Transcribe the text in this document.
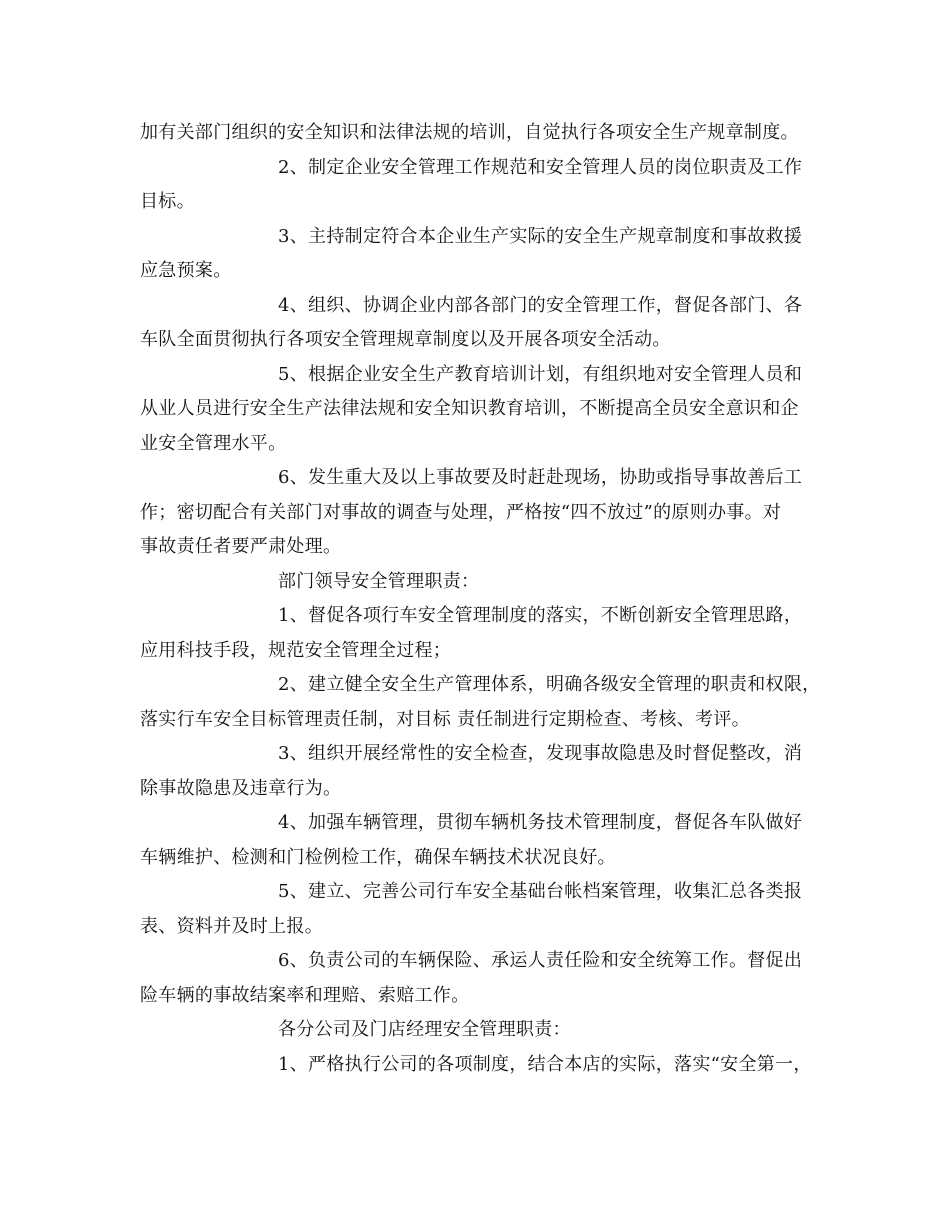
加有关部门组织的安全知识和法律法规的培训，自觉执行各项安全生产规章制度。
2、制定企业安全管理工作规范和安全管理人员的岗位职责及工作
目标。
3、主持制定符合本企业生产实际的安全生产规章制度和事故救援
应急预案。
4、组织、协调企业内部各部门的安全管理工作，督促各部门、各
车队全面贯彻执行各项安全管理规章制度以及开展各项安全活动。
5、根据企业安全生产教育培训计划，有组织地对安全管理人员和
从业人员进行安全生产法律法规和安全知识教育培训，不断提高全员安全意识和企
业安全管理水平。
6、发生重大及以上事故要及时赶赴现场，协助或指导事故善后工
作；密切配合有关部门对事故的调查与处理，严格按“四不放过”的原则办事。对
事故责任者要严肃处理。
部门领导安全管理职责：
1、督促各项行车安全管理制度的落实，不断创新安全管理思路，
应用科技手段，规范安全管理全过程；
2、建立健全安全生产管理体系，明确各级安全管理的职责和权限，
落实行车安全目标管理责任制，对目标 责任制进行定期检查、考核、考评。
3、组织开展经常性的安全检查，发现事故隐患及时督促整改，消
除事故隐患及违章行为。
4、加强车辆管理，贯彻车辆机务技术管理制度，督促各车队做好
车辆维护、检测和门检例检工作，确保车辆技术状况良好。
5、建立、完善公司行车安全基础台帐档案管理，收集汇总各类报
表、资料并及时上报。
6、负责公司的车辆保险、承运人责任险和安全统筹工作。督促出
险车辆的事故结案率和理赔、索赔工作。
各分公司及门店经理安全管理职责：
1、严格执行公司的各项制度，结合本店的实际，落实“安全第一，
